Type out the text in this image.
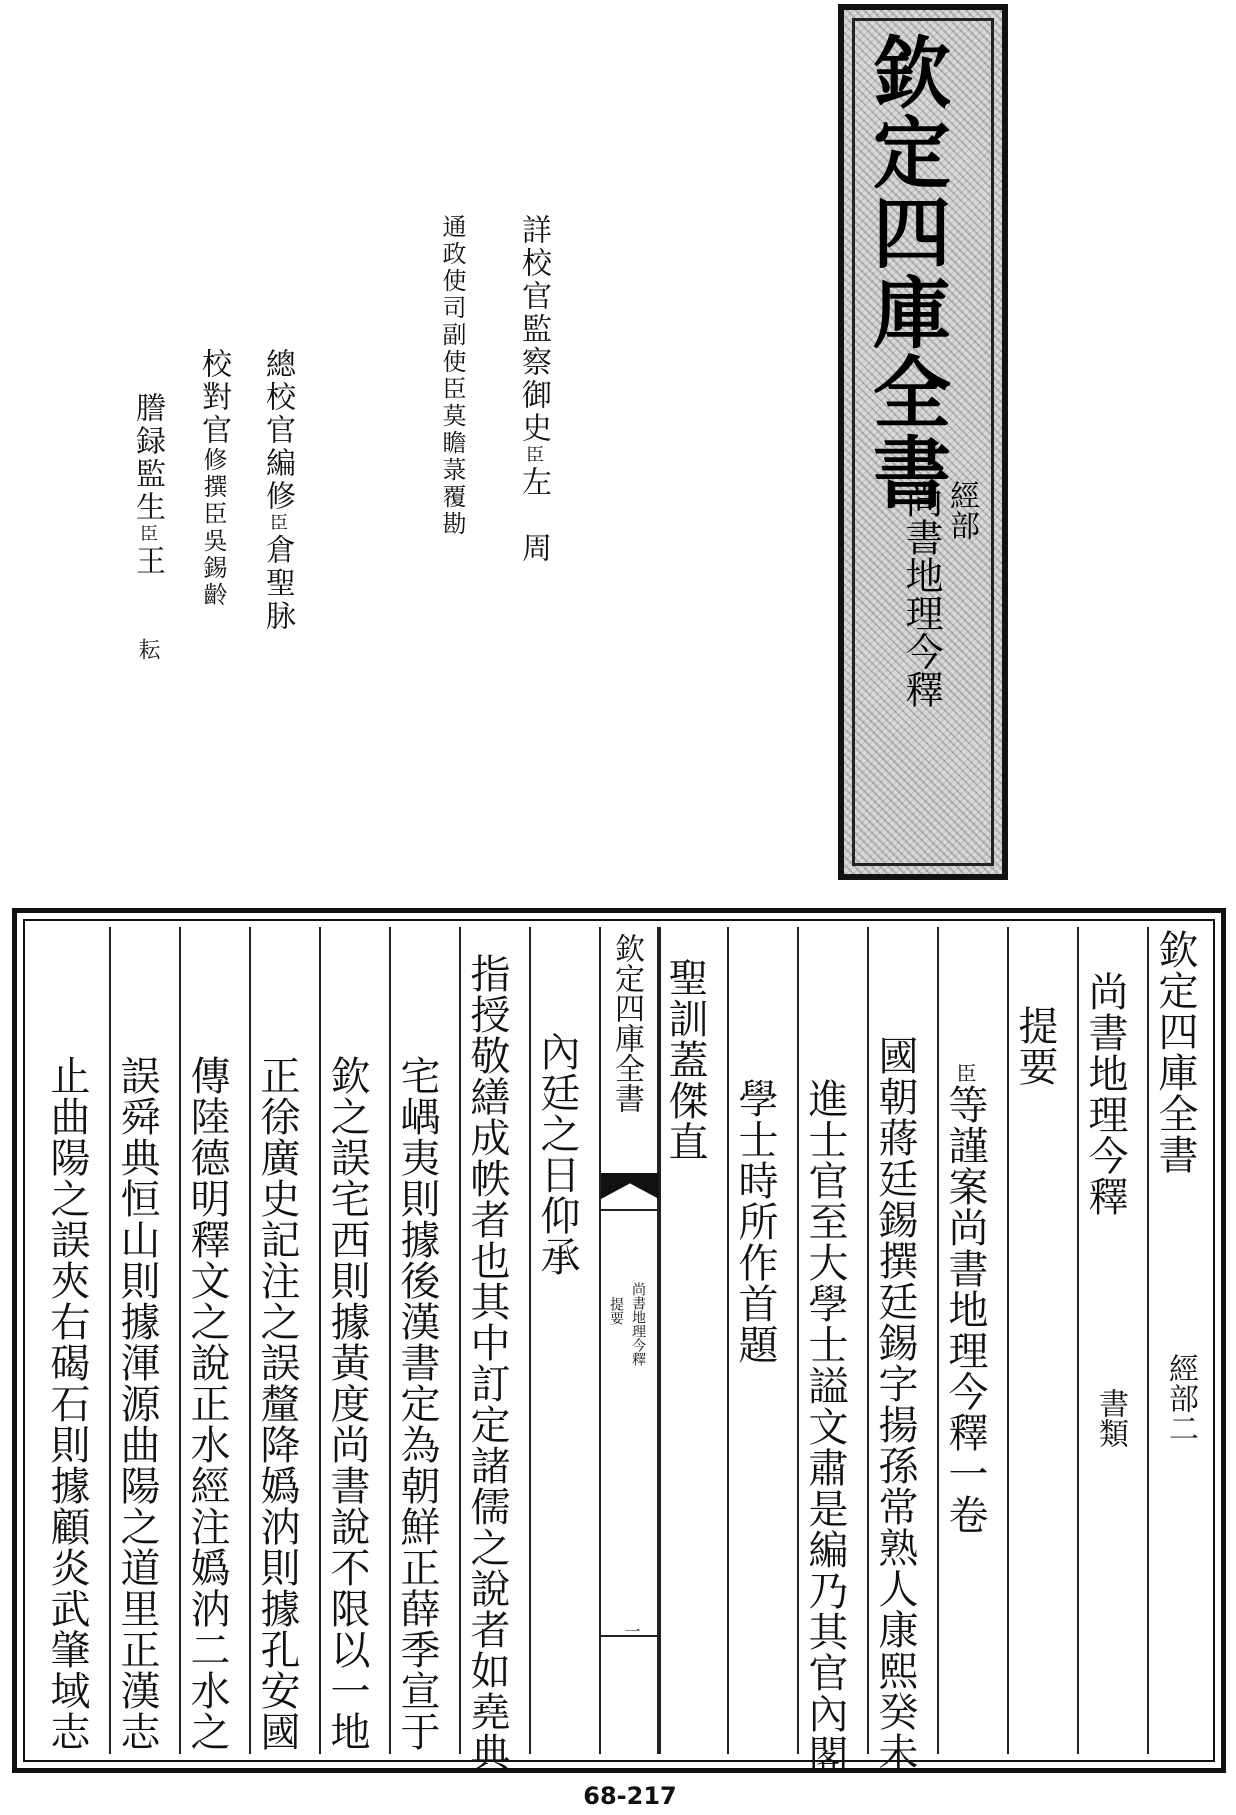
欽定四庫全書
經部
尚書地理今釋
詳校官監察御史臣左　周
通政使司副使臣莫瞻菉覆勘
總校官編修臣倉聖脉
校對官修撰臣吳錫齡
謄録監生臣王耘
欽定四庫全書
經部二
尚書地理今釋
書類
提要
臣等謹案尚書地理今釋一卷
國朝蔣廷錫撰廷錫字揚孫常熟人康熙癸未
進士官至大學士謚文肅是編乃其官內閣
學士時所作首題
聖訓蓋傑直
欽定四庫全書
尚書地理今釋
提要
一
內廷之日仰承
指授敬繕成帙者也其中訂定諸儒之說者如堯典
宅嵎夷則據後漢書定為朝鮮正薛季宣于
欽之誤宅西則據黃度尚書說不限以一地
正徐廣史記注之誤釐降嬀汭則據孔安國
傳陸德明釋文之說正水經注嬀汭二水之
誤舜典恒山則據渾源曲陽之道里正漢志
止曲陽之誤夾右碣石則據顧炎武肇域志
68-217
